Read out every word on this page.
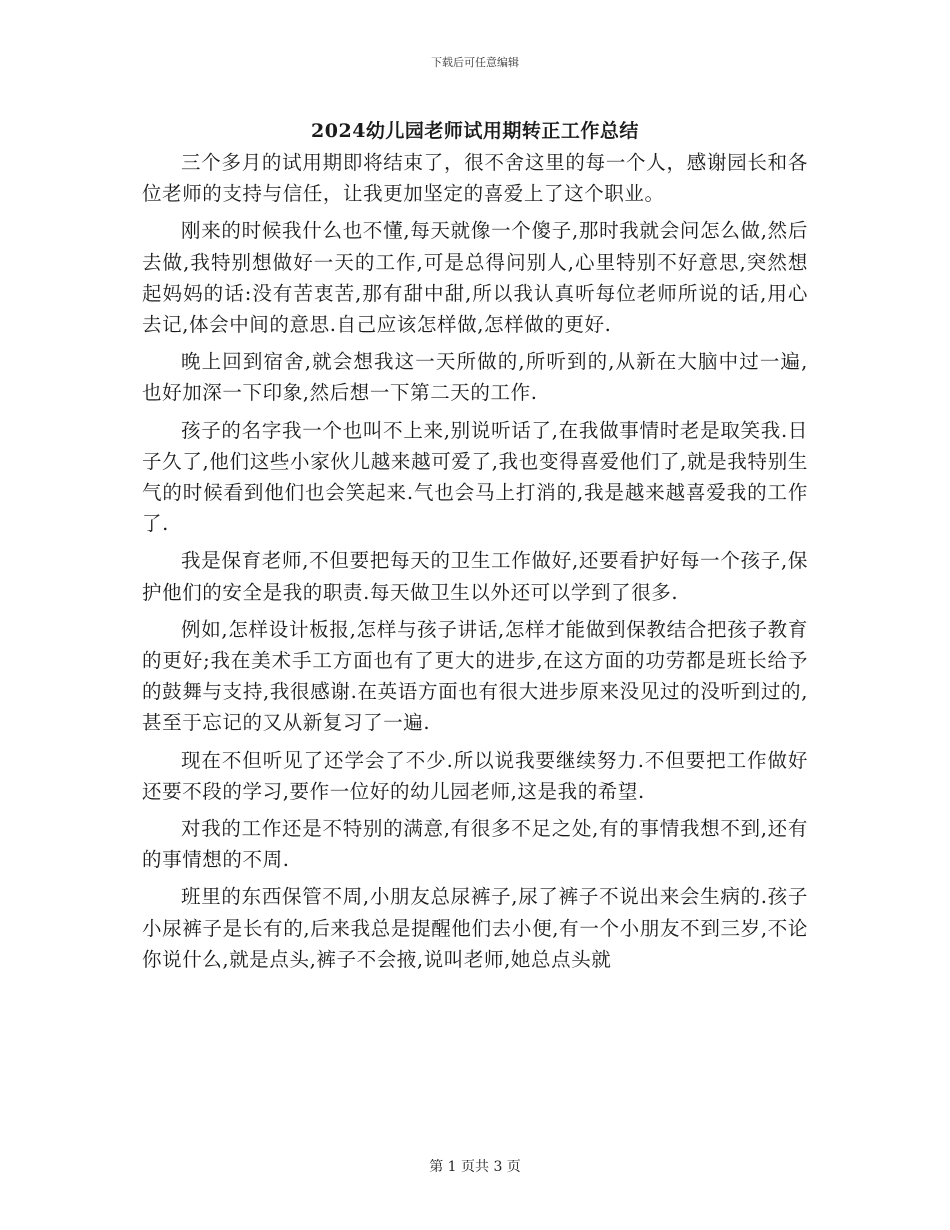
下载后可任意编辑
2024幼儿园老师试用期转正工作总结

三个多月的试用期即将结束了，很不舍这里的每一个人，感谢园长和各位老师的支持与信任，让我更加坚定的喜爱上了这个职业。

刚来的时候我什么也不懂,每天就像一个傻子,那时我就会问怎么做,然后去做,我特别想做好一天的工作,可是总得问别人,心里特别不好意思,突然想起妈妈的话:没有苦衷苦,那有甜中甜,所以我认真听每位老师所说的话,用心去记,体会中间的意思.自己应该怎样做,怎样做的更好.

晚上回到宿舍,就会想我这一天所做的,所听到的,从新在大脑中过一遍,也好加深一下印象,然后想一下第二天的工作.

孩子的名字我一个也叫不上来,别说听话了,在我做事情时老是取笑我.日子久了,他们这些小家伙儿越来越可爱了,我也变得喜爱他们了,就是我特别生气的时候看到他们也会笑起来.气也会马上打消的,我是越来越喜爱我的工作了.

我是保育老师,不但要把每天的卫生工作做好,还要看护好每一个孩子,保护他们的安全是我的职责.每天做卫生以外还可以学到了很多.

例如,怎样设计板报,怎样与孩子讲话,怎样才能做到保教结合把孩子教育的更好;我在美术手工方面也有了更大的进步,在这方面的功劳都是班长给予的鼓舞与支持,我很感谢.在英语方面也有很大进步原来没见过的没听到过的,甚至于忘记的又从新复习了一遍.

现在不但听见了还学会了不少.所以说我要继续努力.不但要把工作做好还要不段的学习,要作一位好的幼儿园老师,这是我的希望.

对我的工作还是不特别的满意,有很多不足之处,有的事情我想不到,还有的事情想的不周.

班里的东西保管不周,小朋友总尿裤子,尿了裤子不说出来会生病的.孩子小尿裤子是长有的,后来我总是提醒他们去小便,有一个小朋友不到三岁,不论你说什么,就是点头,裤子不会掖,说叫老师,她总点头就

第 1 页共 3 页
